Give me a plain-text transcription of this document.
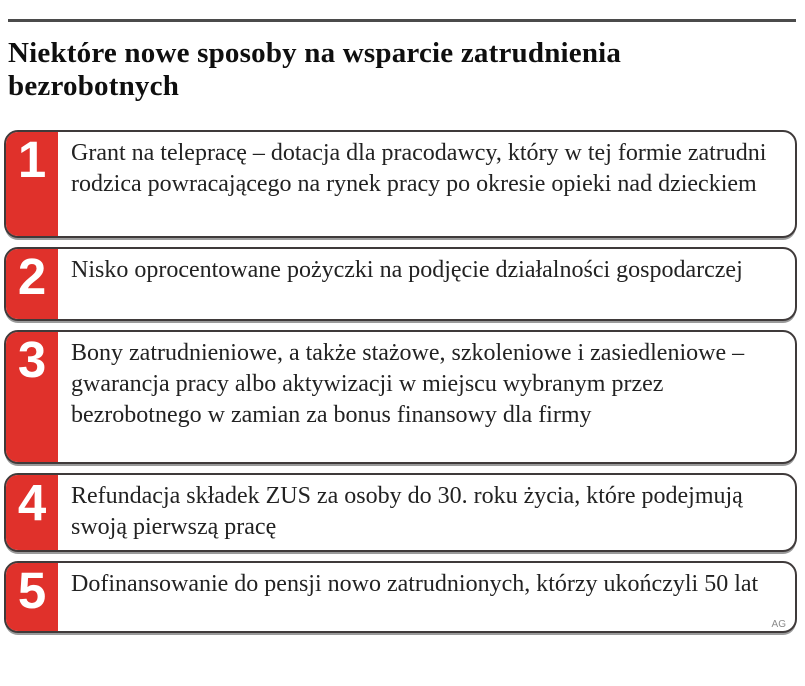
Niektóre nowe sposoby na wsparcie zatrudnienia
bezrobotnych
1	Grant na telepracę – dotacja dla pracodawcy, który w tej formie zatrudni rodzica powracającego na rynek pracy po okresie opieki nad dzieckiem
2	Nisko oprocentowane pożyczki na podjęcie działalności gospodarczej
3	Bony zatrudnieniowe, a także stażowe, szkoleniowe i zasiedleniowe – gwarancja pracy albo aktywizacji w miejscu wybranym przez bezrobotnego w zamian za bonus finansowy dla firmy
4	Refundacja składek ZUS za osoby do 30. roku życia, które podejmują swoją pierwszą pracę
5	Dofinansowanie do pensji nowo zatrudnionych, którzy ukończyli 50 lat
AG
